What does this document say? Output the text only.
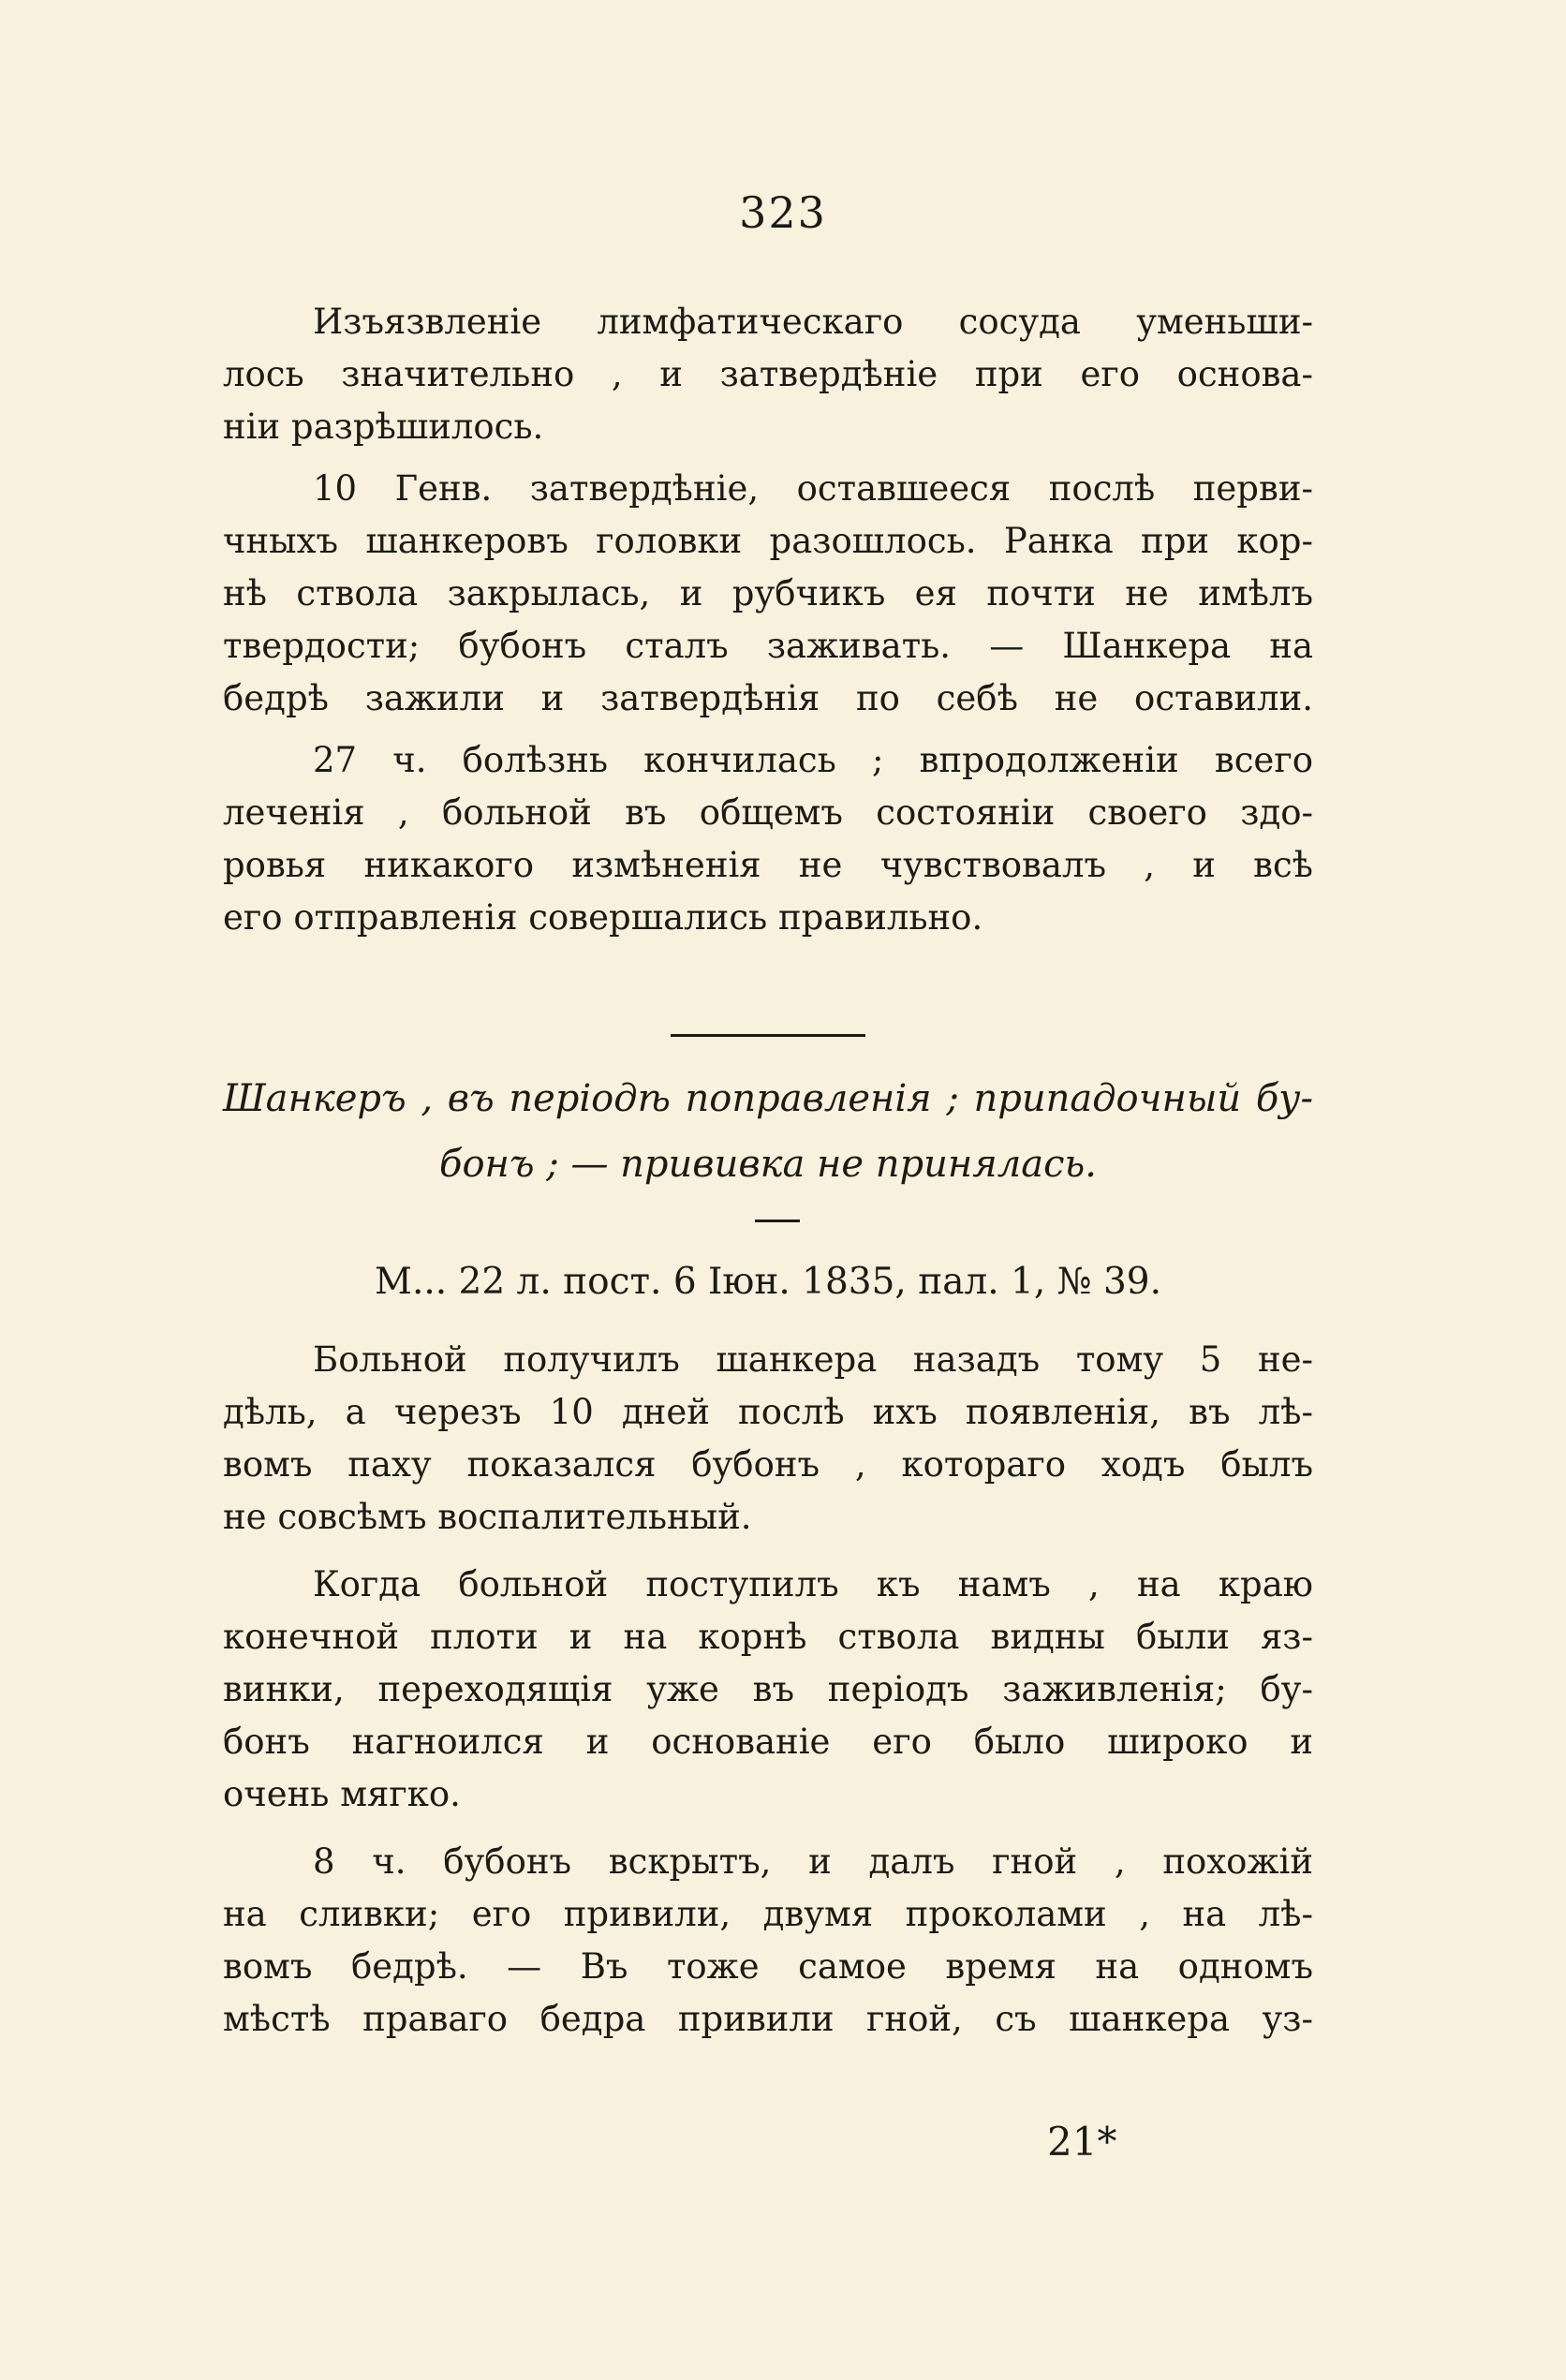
323

Изъязвленіе лимфатическаго сосуда уменьши-
лось значительно , и затвердѣніе при его основа-
ніи разрѣшилось.

10 Генв. затвердѣніе, оставшееся послѣ перви-
чныхъ шанкеровъ головки разошлось. Ранка при кор-
нѣ ствола закрылась, и рубчикъ ея почти не имѣлъ
твердости; бубонъ сталъ заживать. — Шанкера на
бедрѣ зажили и затвердѣнія по себѣ не оставили.

27 ч. болѣзнь кончилась ; впродолженіи всего
леченія , больной въ общемъ состояніи своего здо-
ровья никакого измѣненія не чувствовалъ , и всѣ
его отправленія совершались правильно.

Шанкеръ , въ періодѣ поправленія ; припадочный бу-
бонъ ; — прививка не принялась.
М... 22 л. пост. 6 Іюн. 1835, пал. 1, № 39.

Больной получилъ шанкера назадъ тому 5 не-
дѣль, а черезъ 10 дней послѣ ихъ появленія, въ лѣ-
вомъ паху показался бубонъ , котораго ходъ былъ
не совсѣмъ воспалительный.

Когда больной поступилъ къ намъ , на краю
конечной плоти и на корнѣ ствола видны были яз-
винки, переходящія уже въ періодъ заживленія; бу-
бонъ нагноился и основаніе его было широко и
очень мягко.

8 ч. бубонъ вскрытъ, и далъ гной , похожій
на сливки; его привили, двумя проколами , на лѣ-
вомъ бедрѣ. — Въ тоже самое время на одномъ
мѣстѣ праваго бедра привили гной, съ шанкера уз-

21*
